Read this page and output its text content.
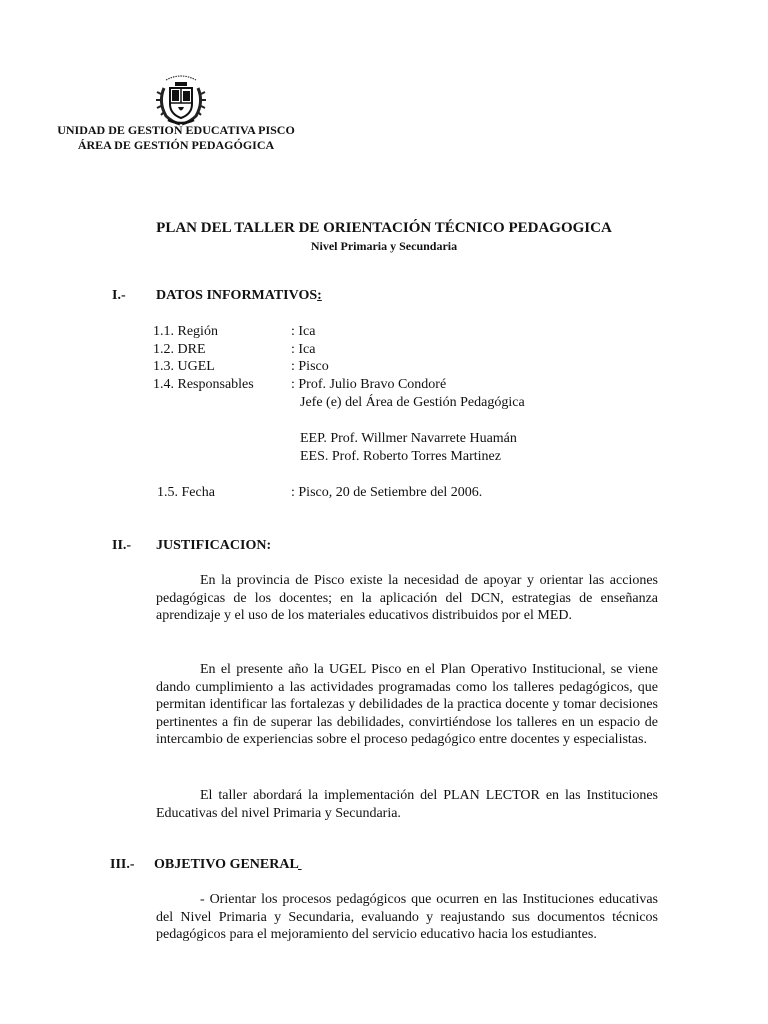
UNIDAD DE GESTION EDUCATIVA PISCO
ÁREA DE GESTIÓN PEDAGÓGICA
PLAN DEL TALLER DE ORIENTACIÓN TÉCNICO PEDAGOGICA
Nivel Primaria y Secundaria
I.- DATOS INFORMATIVOS:
1.1. Región	: Ica
1.2. DRE	: Ica
1.3. UGEL	: Pisco
1.4. Responsables	: Prof. Julio Bravo Condoré
Jefe (e) del Área de Gestión Pedagógica
EEP. Prof. Willmer Navarrete Huamán
EES. Prof. Roberto Torres Martinez
1.5. Fecha	: Pisco, 20 de Setiembre del 2006.
II.- JUSTIFICACION:
En la provincia de Pisco existe la necesidad de apoyar y orientar las acciones pedagógicas de los docentes; en la aplicación del DCN, estrategias de enseñanza aprendizaje y el uso de los materiales educativos distribuidos por el MED.
En el presente año la UGEL Pisco en el Plan Operativo Institucional, se viene dando cumplimiento a las actividades programadas como los talleres pedagógicos, que permitan identificar las fortalezas y debilidades de la practica docente y tomar decisiones pertinentes a fin de superar las debilidades, convirtiéndose los talleres en un espacio de intercambio de experiencias sobre el proceso pedagógico entre docentes y especialistas.
El taller abordará la implementación del PLAN LECTOR en las Instituciones Educativas del nivel Primaria y Secundaria.
III.- OBJETIVO GENERAL
- Orientar los procesos pedagógicos que ocurren en las Instituciones educativas del Nivel Primaria y Secundaria, evaluando y reajustando sus documentos técnicos pedagógicos para el mejoramiento del servicio educativo hacia los estudiantes.
